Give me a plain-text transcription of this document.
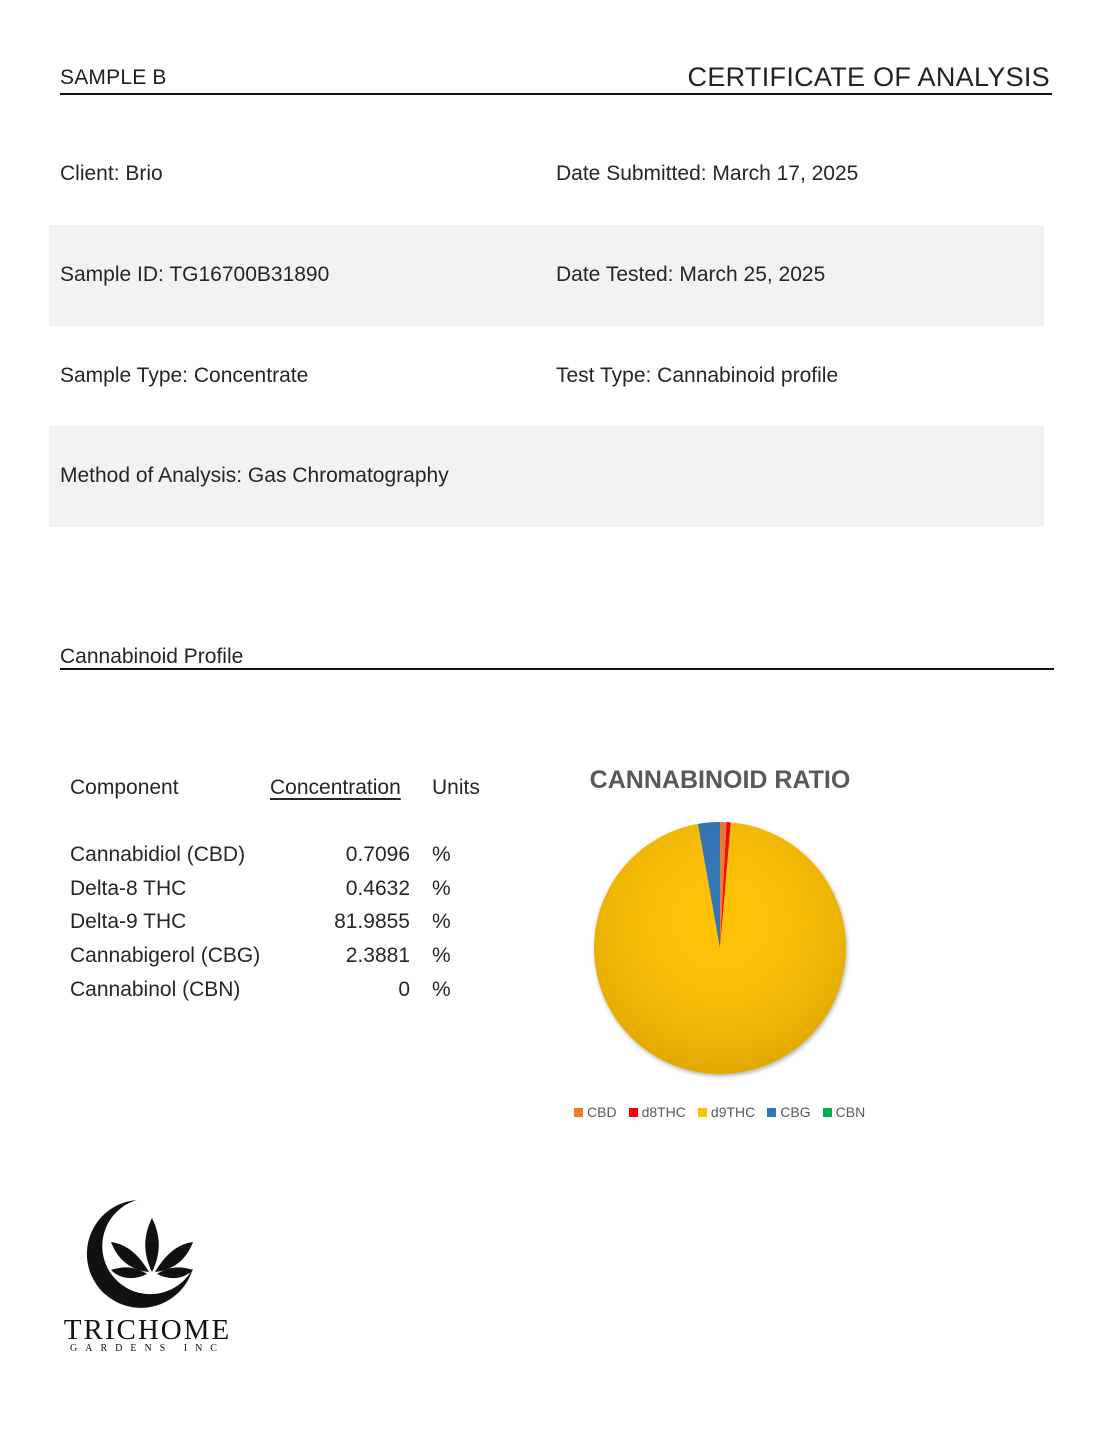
SAMPLE B	CERTIFICATE OF ANALYSIS
Client: Brio	Date Submitted: March 17, 2025
Sample ID: TG16700B31890	Date Tested: March 25, 2025
Sample Type: Concentrate	Test Type: Cannabinoid profile
Method of Analysis: Gas Chromatography
Cannabinoid Profile
Component	Concentration Units
Cannabidiol (CBD)	0.7096 %
Delta-8 THC	0.4632 %
Delta-9 THC	81.9855 %
Cannabigerol (CBG)	2.3881 %
Cannabinol (CBN)	0 %
CANNABINOID RATIO
CBD d8THC d9THC CBG CBN
TRICHOME
GARDENS INC
